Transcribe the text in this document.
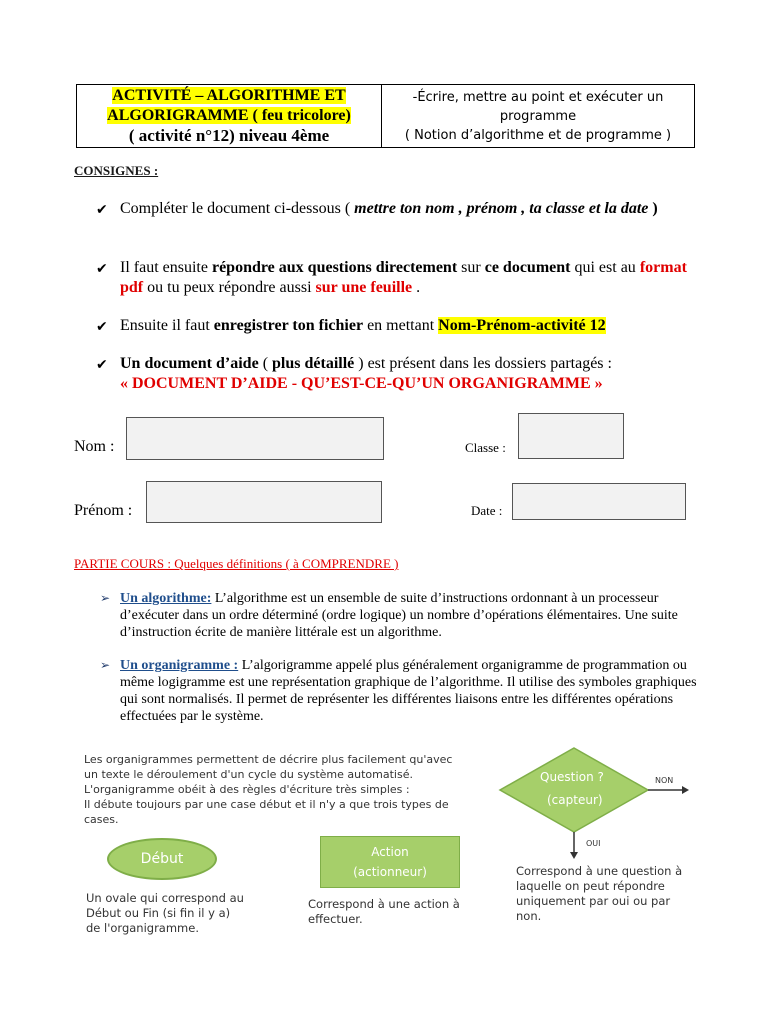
ACTIVITÉ – ALGORITHME ET
ALGORIGRAMME ( feu tricolore)
( activité n°12) niveau 4ème
-Écrire, mettre au point et exécuter un
programme
( Notion d’algorithme et de programme )
CONSIGNES :
✔ Compléter le document ci-dessous ( mettre ton nom , prénom , ta classe et la date )
✔ Il faut ensuite répondre aux questions directement sur ce document qui est au format pdf ou tu peux répondre aussi sur une feuille .
✔ Ensuite il faut enregistrer ton fichier en mettant Nom-Prénom-activité 12
✔ Un document d’aide ( plus détaillé ) est présent dans les dossiers partagés :
« DOCUMENT D’AIDE - QU’EST-CE-QU’UN ORGANIGRAMME »
Nom :	Classe :
Prénom :	Date :
PARTIE COURS : Quelques définitions ( à COMPRENDRE )
➢ Un algorithme: L’algorithme est un ensemble de suite d’instructions ordonnant à un processeur d’exécuter dans un ordre déterminé (ordre logique) un nombre d’opérations élémentaires. Une suite d’instruction écrite de manière littérale est un algorithme.
➢ Un organigramme : L’algorigramme appelé plus généralement organigramme de programmation ou même logigramme est une représentation graphique de l’algorithme. Il utilise des symboles graphiques qui sont normalisés. Il permet de représenter les différentes liaisons entre les différentes opérations effectuées par le système.
Les organigrammes permettent de décrire plus facilement qu'avec
un texte le déroulement d'un cycle du système automatisé.
L'organigramme obéit à des règles d'écriture très simples :
Il débute toujours par une case début et il n'y a que trois types de
cases.
Début
Un ovale qui correspond au
Début ou Fin (si fin il y a)
de l'organigramme.
Action
(actionneur)
Correspond à une action à
effectuer.
Question ?
(capteur)
NON
OUI
Correspond à une question à
laquelle on peut répondre
uniquement par oui ou par
non.
